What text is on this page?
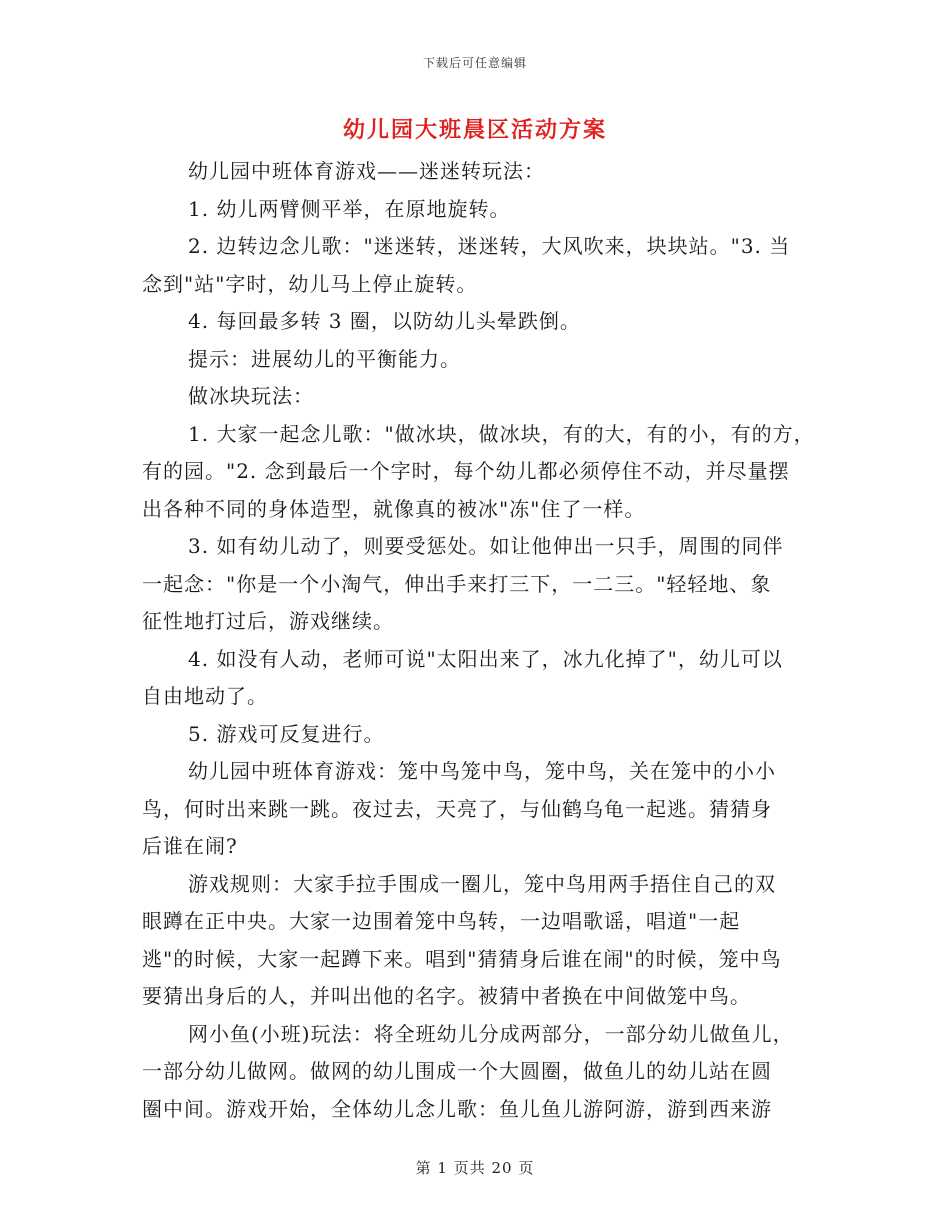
下载后可任意编辑
幼儿园大班晨区活动方案
幼儿园中班体育游戏——迷迷转玩法：
1. 幼儿两臂侧平举，在原地旋转。
2. 边转边念儿歌："迷迷转，迷迷转，大风吹来，块块站。"3. 当
念到"站"字时，幼儿马上停止旋转。
4. 每回最多转 3 圈，以防幼儿头晕跌倒。
提示：进展幼儿的平衡能力。
做冰块玩法：
1. 大家一起念儿歌："做冰块，做冰块，有的大，有的小，有的方，
有的园。"2. 念到最后一个字时，每个幼儿都必须停住不动，并尽量摆
出各种不同的身体造型，就像真的被冰"冻"住了一样。
3. 如有幼儿动了，则要受惩处。如让他伸出一只手，周围的同伴
一起念："你是一个小淘气，伸出手来打三下，一二三。"轻轻地、象
征性地打过后，游戏继续。
4. 如没有人动，老师可说"太阳出来了，冰九化掉了"，幼儿可以
自由地动了。
5. 游戏可反复进行。
幼儿园中班体育游戏：笼中鸟笼中鸟，笼中鸟，关在笼中的小小
鸟，何时出来跳一跳。夜过去，天亮了，与仙鹤乌龟一起逃。猜猜身
后谁在闹?
游戏规则：大家手拉手围成一圈儿，笼中鸟用两手捂住自己的双
眼蹲在正中央。大家一边围着笼中鸟转，一边唱歌谣，唱道"一起
逃"的时候，大家一起蹲下来。唱到"猜猜身后谁在闹"的时候，笼中鸟
要猜出身后的人，并叫出他的名字。被猜中者换在中间做笼中鸟。
网小鱼(小班)玩法：将全班幼儿分成两部分，一部分幼儿做鱼儿，
一部分幼儿做网。做网的幼儿围成一个大圆圈，做鱼儿的幼儿站在圆
圈中间。游戏开始，全体幼儿念儿歌：鱼儿鱼儿游阿游，游到西来游
第 1 页共 20 页
